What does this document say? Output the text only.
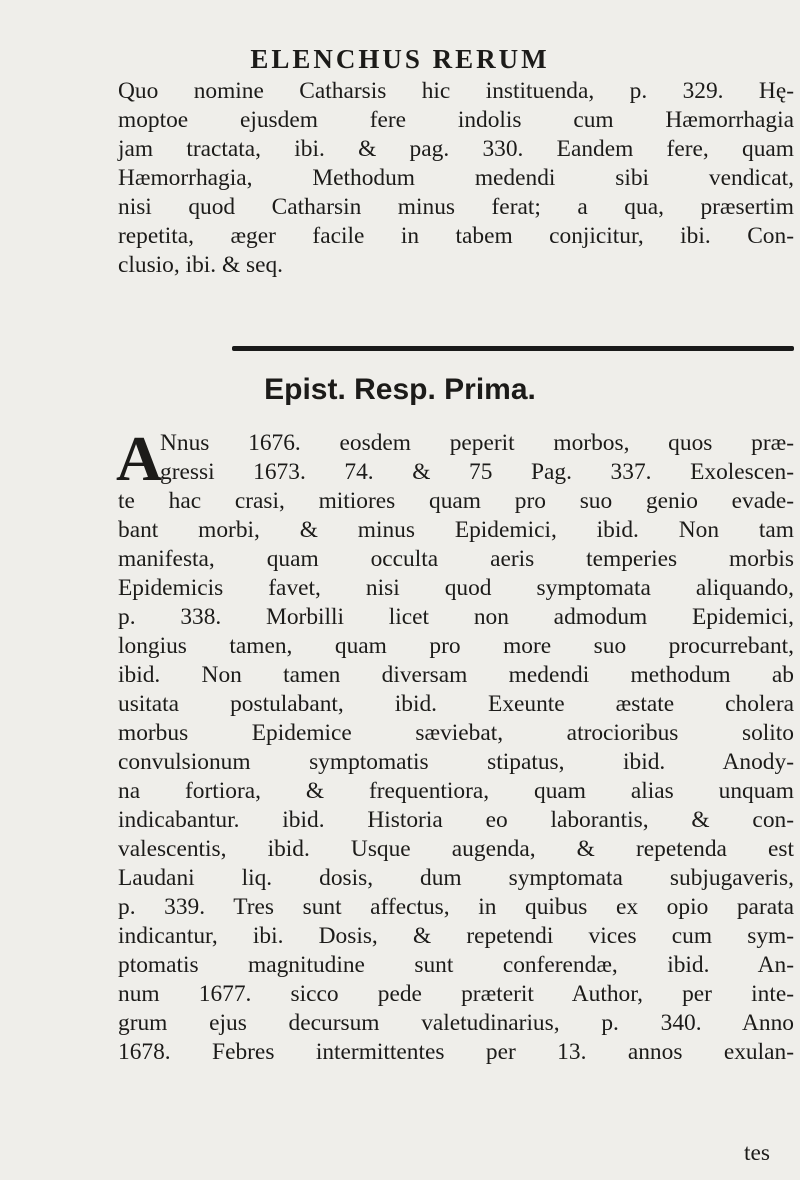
ELENCHUS RERUM
Quo nomine Catharsis hic instituenda, p. 329. Hę-
moptoe ejusdem fere indolis cum Hæmorrhagia
jam tractata, ibi. & pag. 330. Eandem fere, quam
Hæmorrhagia, Methodum medendi sibi vendicat,
nisi quod Catharsin minus ferat; a qua, præsertim
repetita, æger facile in tabem conjicitur, ibi. Con-
clusio, ibi. & seq.
Epist. Resp. Prima.
A
Nnus 1676. eosdem peperit morbos, quos præ-
gressi 1673. 74. & 75 Pag. 337. Exolescen-
te hac crasi, mitiores quam pro suo genio evade-
bant morbi, & minus Epidemici, ibid. Non tam
manifesta, quam occulta aeris temperies morbis
Epidemicis favet, nisi quod symptomata aliquando,
p. 338. Morbilli licet non admodum Epidemici,
longius tamen, quam pro more suo procurrebant,
ibid. Non tamen diversam medendi methodum ab
usitata postulabant, ibid. Exeunte æstate cholera
morbus Epidemice sæviebat, atrocioribus solito
convulsionum symptomatis stipatus, ibid. Anody-
na fortiora, & frequentiora, quam alias unquam
indicabantur. ibid. Historia eo laborantis, & con-
valescentis, ibid. Usque augenda, & repetenda est
Laudani liq. dosis, dum symptomata subjugaveris,
p. 339. Tres sunt affectus, in quibus ex opio parata
indicantur, ibi. Dosis, & repetendi vices cum sym-
ptomatis magnitudine sunt conferendæ, ibid. An-
num 1677. sicco pede præterit Author, per inte-
grum ejus decursum valetudinarius, p. 340. Anno
1678. Febres intermittentes per 13. annos exulan-
tes
